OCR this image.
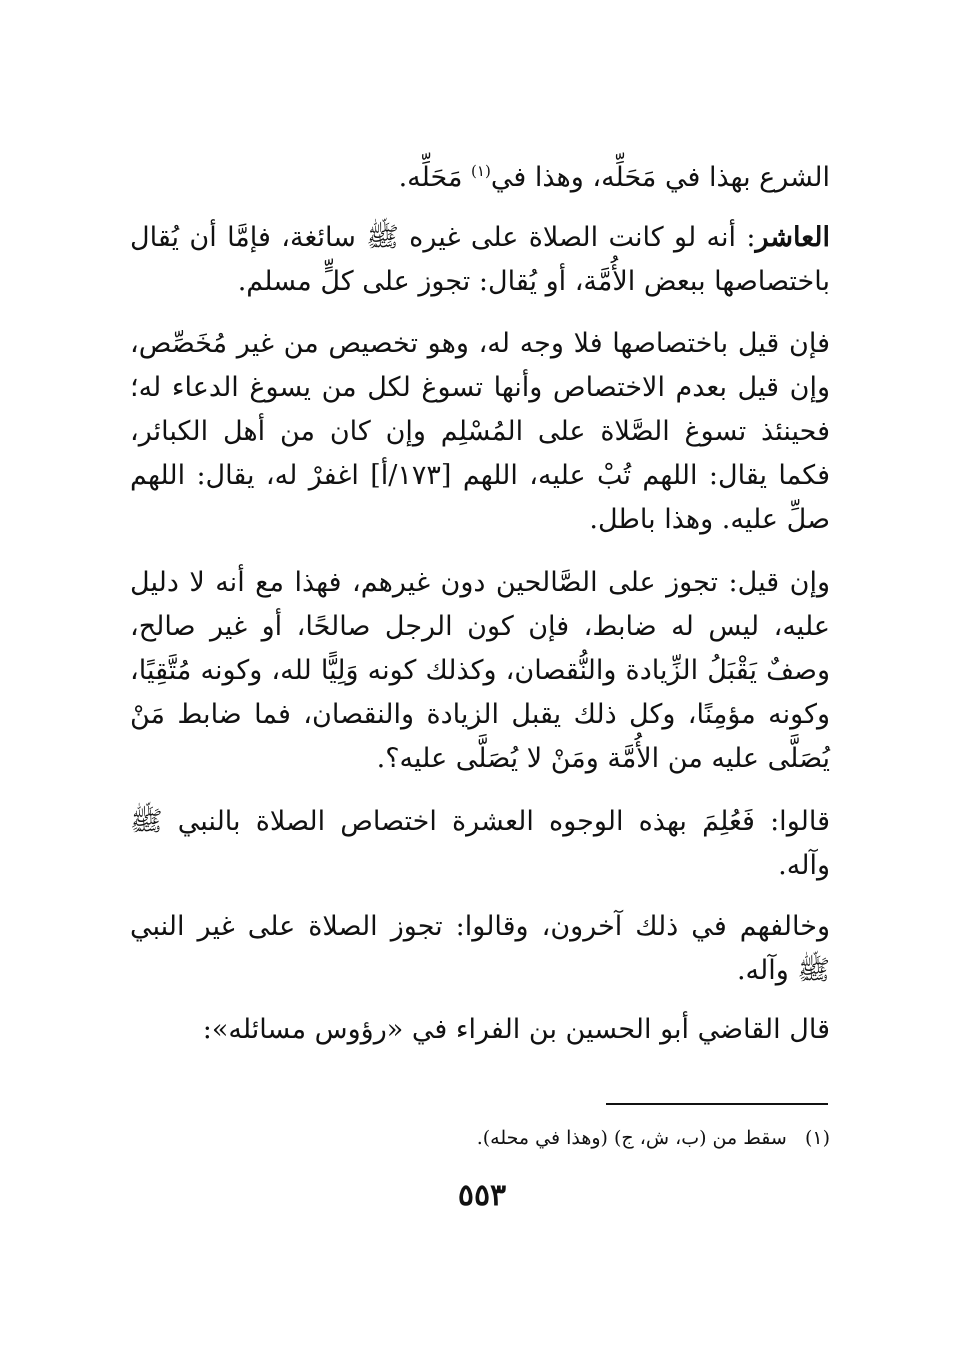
الشرع بهذا في مَحَلِّه، وهذا في$^{(١)}$ مَحَلِّه.

العاشر: أنه لو كانت الصلاة على غيره ﷺ سائغة، فإمَّا أن يُقال باختصاصها ببعض الأُمَّة، أو يُقال: تجوز على كلٍّ مسلم.

فإن قيل باختصاصها فلا وجه له، وهو تخصيص من غير مُخَصِّص، وإن قيل بعدم الاختصاص وأنها تسوغ لكل من يسوغ الدعاء له؛ فحينئذ تسوغ الصَّلاة على المُسْلِم وإن كان من أهل الكبائر، فكما يقال: اللهم تُبْ عليه، اللهم [١٧٣/أ] اغفرْ له، يقال: اللهم صلِّ عليه. وهذا باطل.

وإن قيل: تجوز على الصَّالحين دون غيرهم، فهذا مع أنه لا دليل عليه، ليس له ضابط، فإن كون الرجل صالحًا، أو غير صالح، وصفٌ يَقْبَلُ الزِّيادة والنُّقصان، وكذلك كونه وَلِيًّا لله، وكونه مُتَّقِيًا، وكونه مؤمِنًا، وكل ذلك يقبل الزيادة والنقصان، فما ضابط مَنْ يُصَلَّى عليه من الأُمَّة ومَنْ لا يُصَلَّى عليه؟.

قالوا: فَعُلِمَ بهذه الوجوه العشرة اختصاص الصلاة بالنبي ﷺ وآله.

وخالفهم في ذلك آخرون، وقالوا: تجوز الصلاة على غير النبي ﷺ وآله.

قال القاضي أبو الحسين بن الفراء في «رؤوس مسائله»:

(١)   سقط من (ب، ش، ج) (وهذا في محله).
٥٥٣
